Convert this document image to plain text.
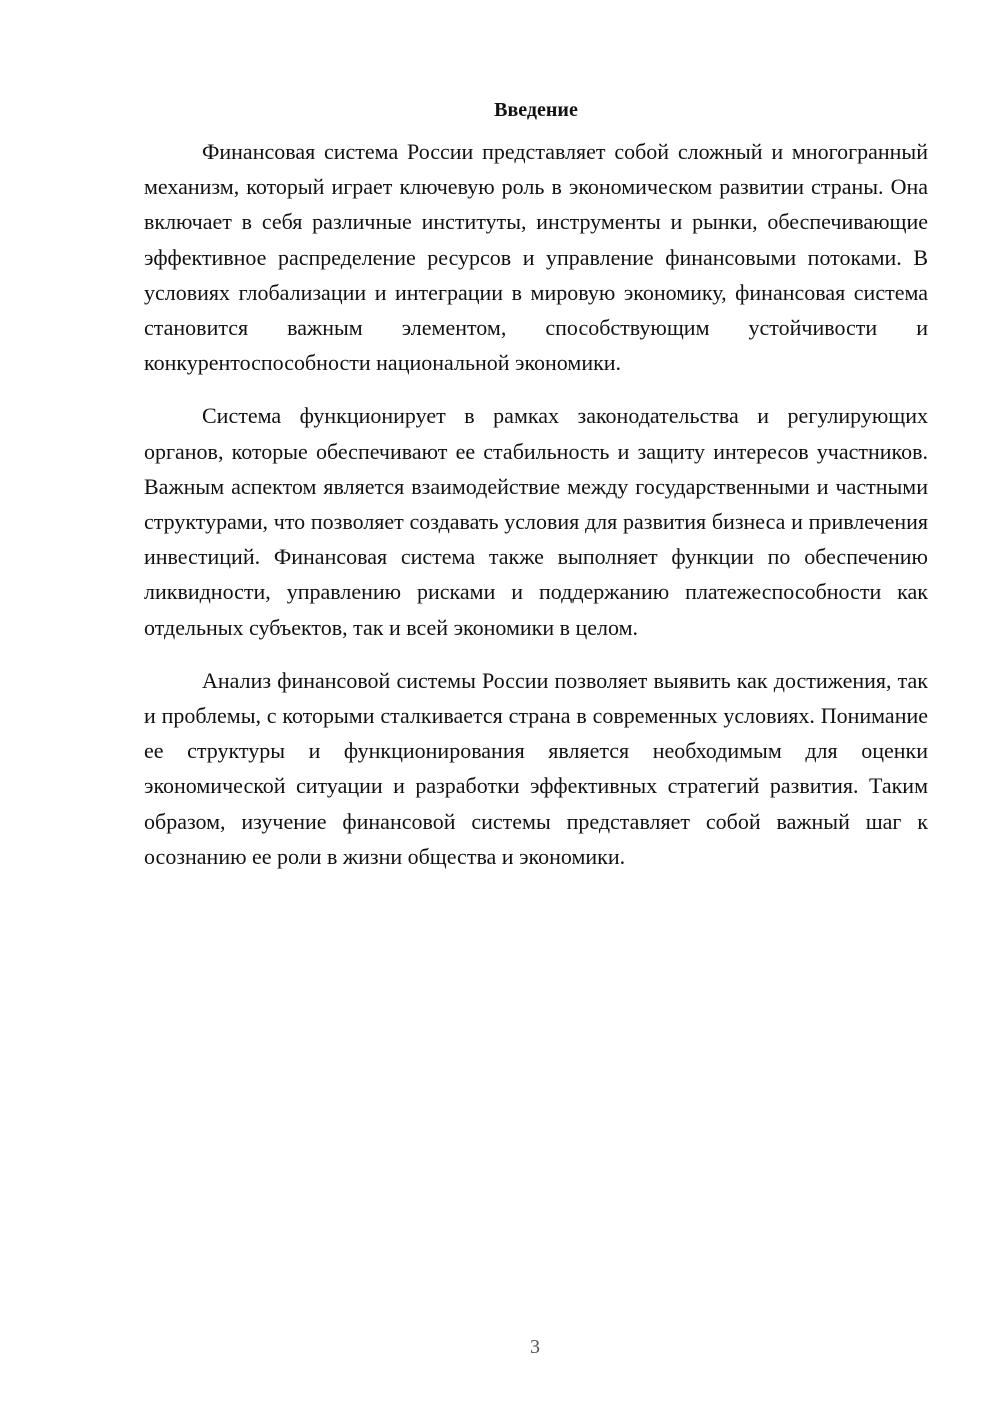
Введение

Финансовая система России представляет собой сложный и многогранный механизм, который играет ключевую роль в экономическом развитии страны. Она включает в себя различные институты, инструменты и рынки, обеспечивающие эффективное распределение ресурсов и управление финансовыми потоками. В условиях глобализации и интеграции в мировую экономику, финансовая система становится важным элементом, способствующим устойчивости и конкурентоспособности национальной экономики.

Система функционирует в рамках законодательства и регулирующих органов, которые обеспечивают ее стабильность и защиту интересов участников. Важным аспектом является взаимодействие между государственными и частными структурами, что позволяет создавать условия для развития бизнеса и привлечения инвестиций. Финансовая система также выполняет функции по обеспечению ликвидности, управлению рисками и поддержанию платежеспособности как отдельных субъектов, так и всей экономики в целом.

Анализ финансовой системы России позволяет выявить как достижения, так и проблемы, с которыми сталкивается страна в современных условиях. Понимание ее структуры и функционирования является необходимым для оценки экономической ситуации и разработки эффективных стратегий развития. Таким образом, изучение финансовой системы представляет собой важный шаг к осознанию ее роли в жизни общества и экономики.

3
